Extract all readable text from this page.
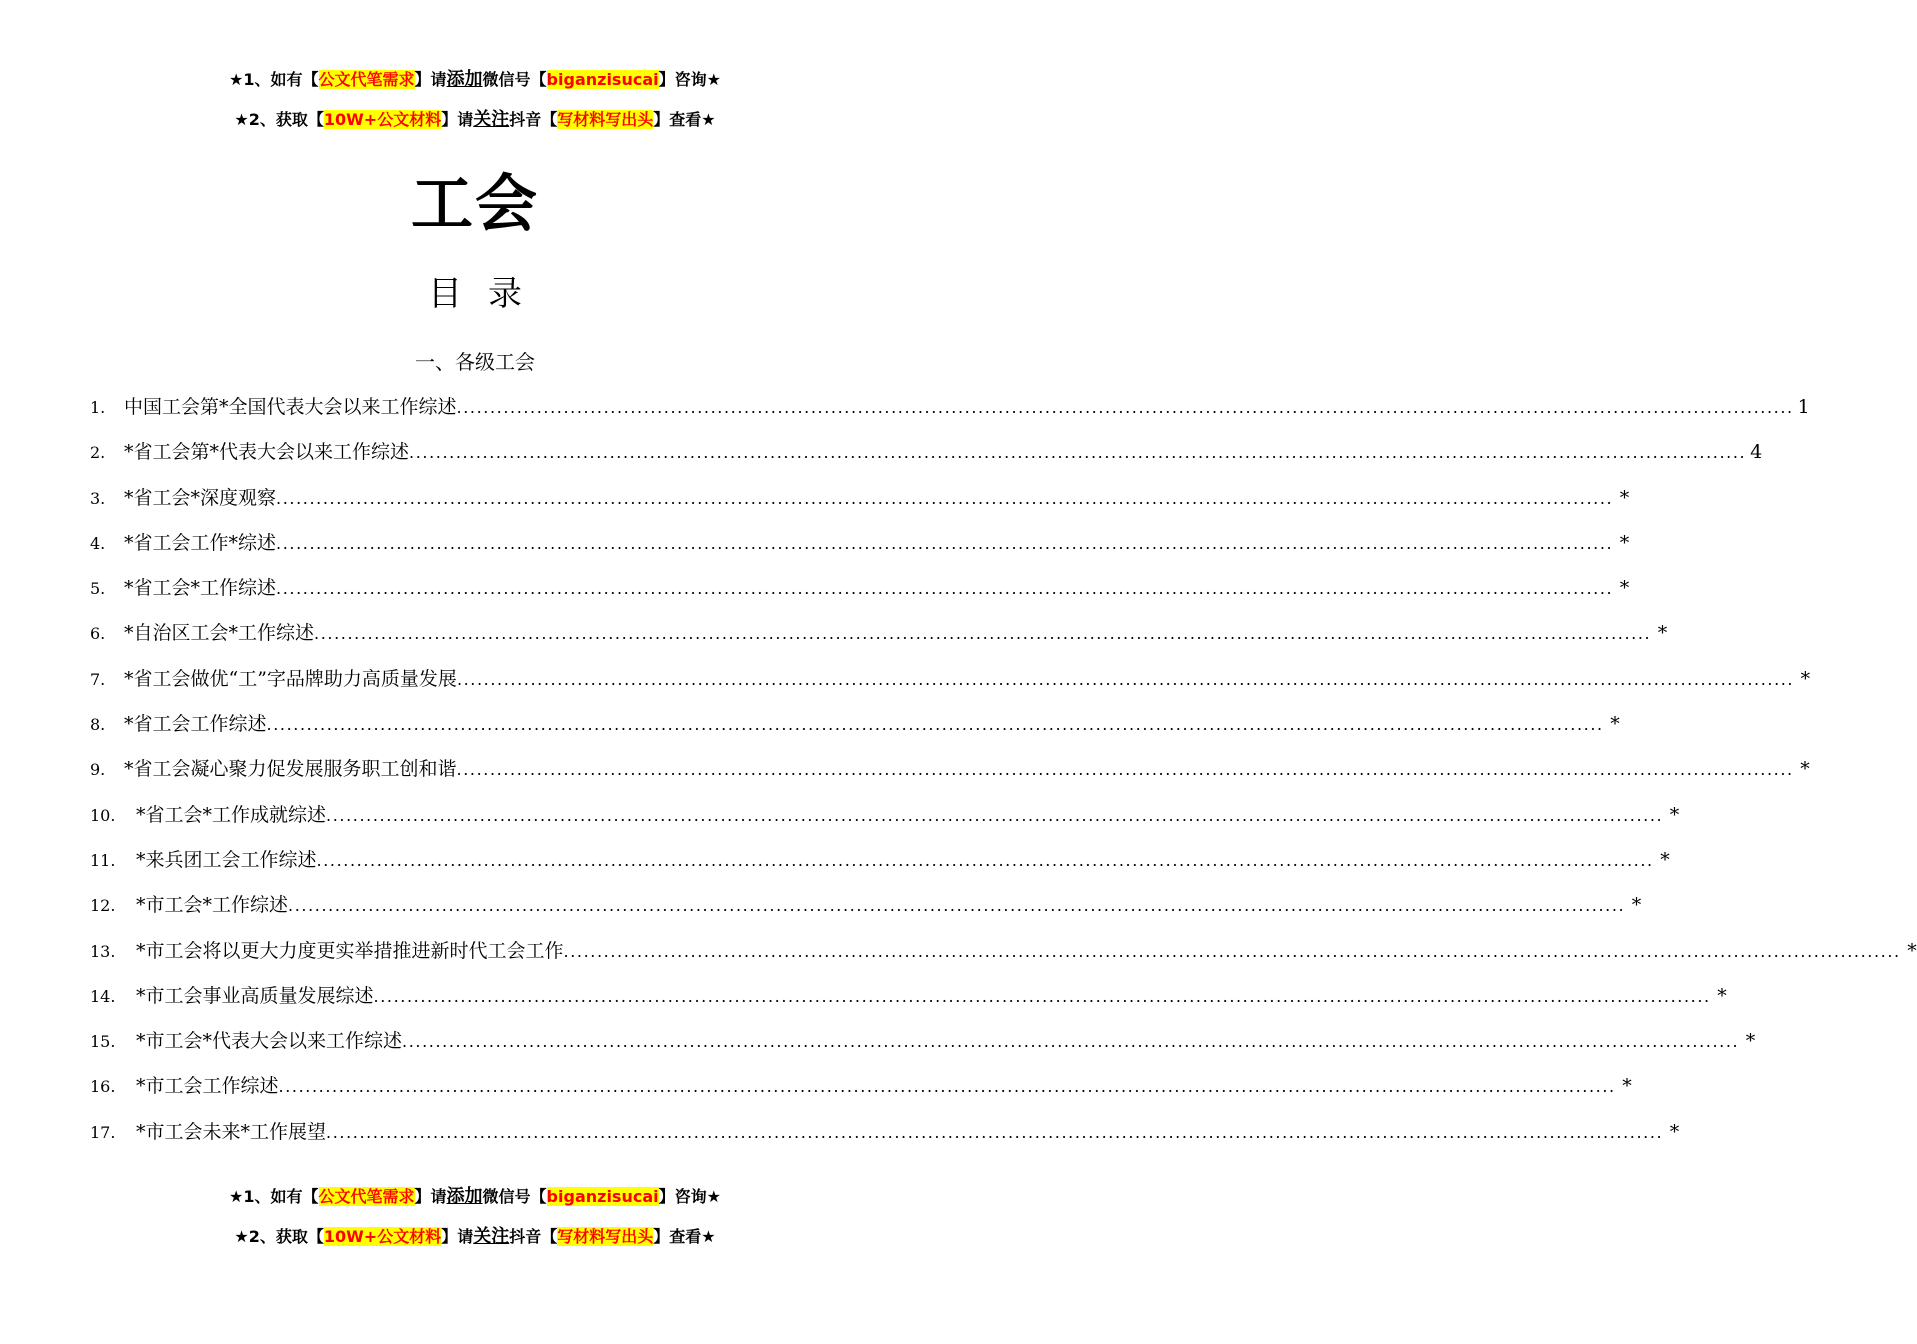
★1、如有【公文代笔需求】请添加微信号【biganzisucai】咨询★
★2、获取【10W+公文材料】请关注抖音【写材料写出头】查看★
工会
目录
一、各级工会
1. 中国工会第*全国代表大会以来工作综述 ........................................................................................................................................................................................................ 1
2. *省工会第*代表大会以来工作综述 ........................................................................................................................................................................................................ 4
3. *省工会*深度观察 ........................................................................................................................................................................................................ *
4. *省工会工作*综述 ........................................................................................................................................................................................................ *
5. *省工会*工作综述 ........................................................................................................................................................................................................ *
6. *自治区工会*工作综述 ........................................................................................................................................................................................................ *
7. *省工会做优“工”字品牌助力高质量发展 ........................................................................................................................................................................................................ *
8. *省工会工作综述 ........................................................................................................................................................................................................ *
9. *省工会凝心聚力促发展服务职工创和谐 ........................................................................................................................................................................................................ *
10.	*省工会*工作成就综述 ........................................................................................................................................................................................................ *
11.	*来兵团工会工作综述 ........................................................................................................................................................................................................ *
12.	*市工会*工作综述 ........................................................................................................................................................................................................ *
13.	*市工会将以更大力度更实举措推进新时代工会工作 ........................................................................................................................................................................................................ *
14.	*市工会事业高质量发展综述 ........................................................................................................................................................................................................ *
15.	*市工会*代表大会以来工作综述 ........................................................................................................................................................................................................ *
16.	*市工会工作综述 ........................................................................................................................................................................................................ *
17.	*市工会未来*工作展望 ........................................................................................................................................................................................................ *
★1、如有【公文代笔需求】请添加微信号【biganzisucai】咨询★
★2、获取【10W+公文材料】请关注抖音【写材料写出头】查看★
